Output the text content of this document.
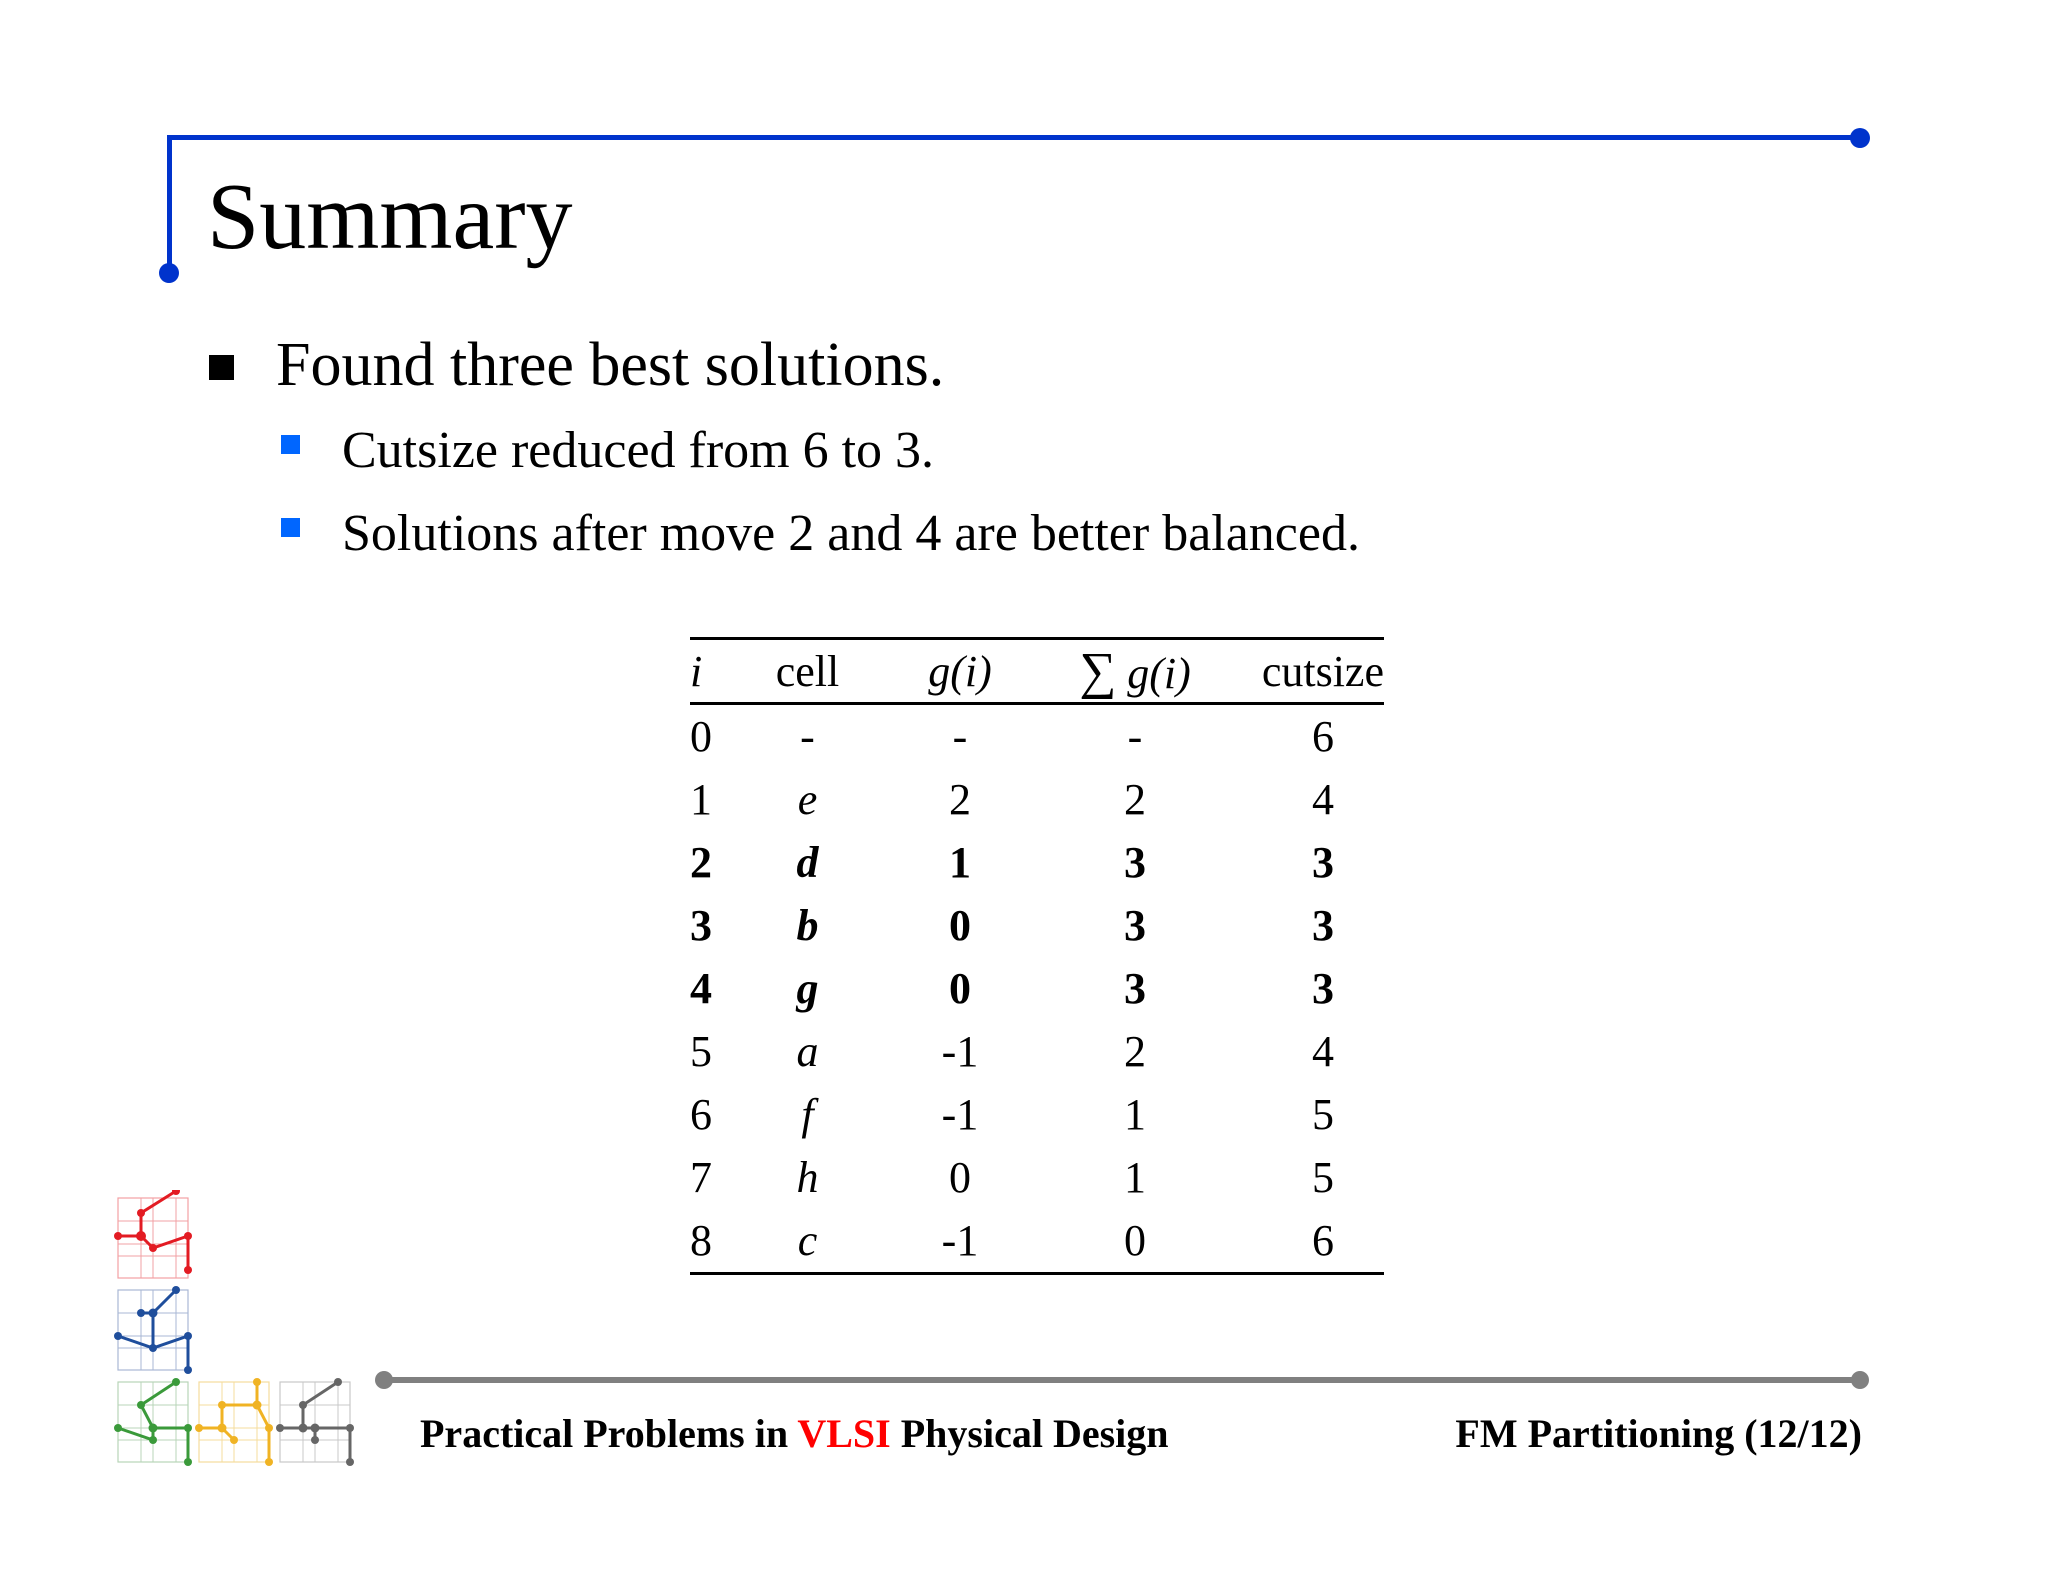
Summary
Found three best solutions.
Cutsize reduced from 6 to 3.
Solutions after move 2 and 4 are better balanced.
i	cell	g(i)	∑ g(i)	cutsize
0	-	-	-	6
1	e	2	2	4
2	d	1	3	3
3	b	0	3	3
4	g	0	3	3
5	a	-1	2	4
6	f	-1	1	5
7	h	0	1	5
8	c	-1	0	6
Practical Problems in VLSI Physical Design	FM Partitioning (12/12)
